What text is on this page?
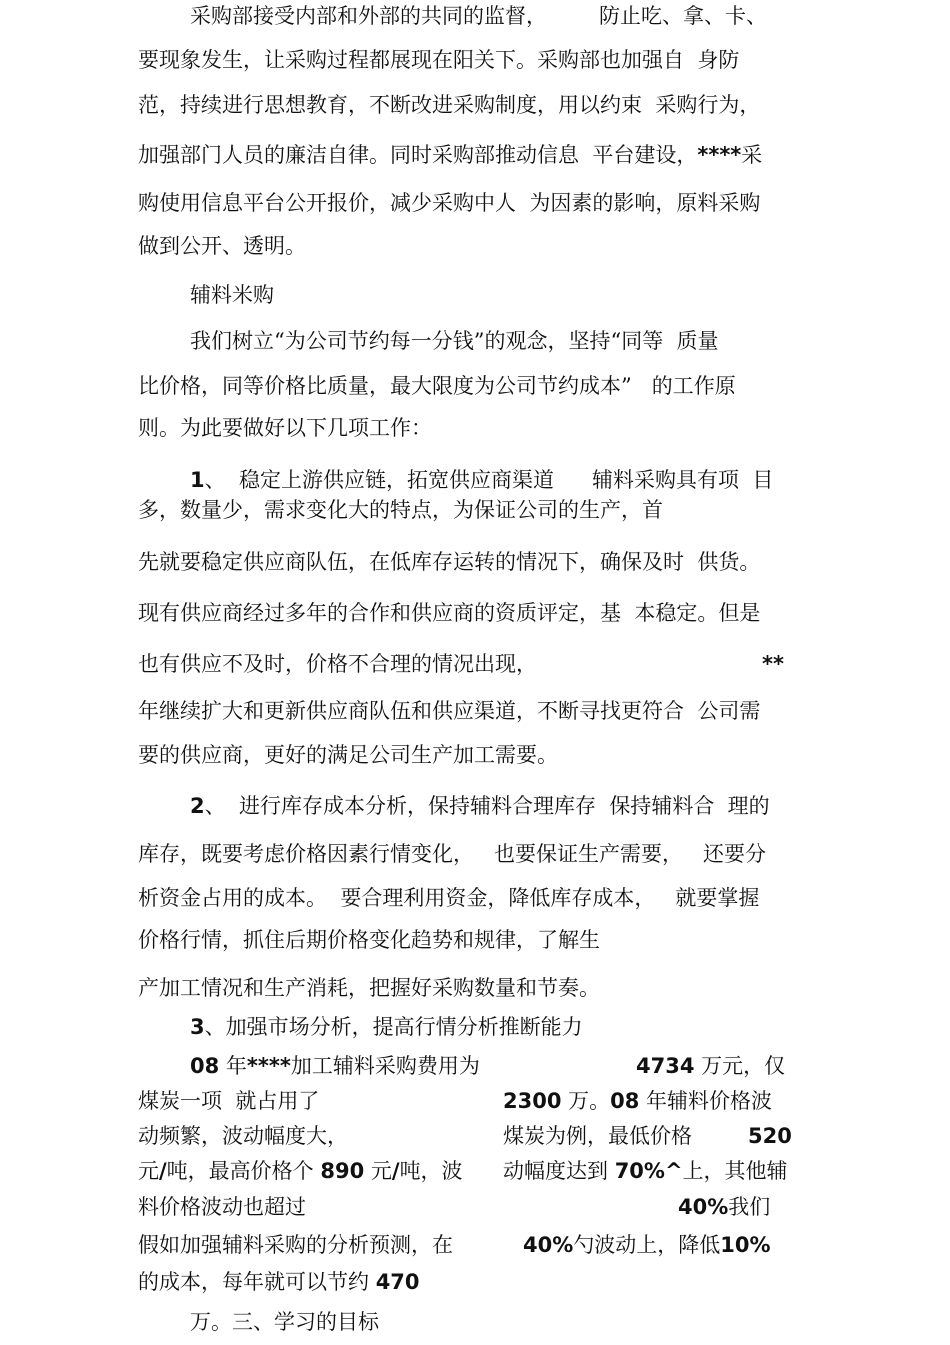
采购部接受内部和外部的共同的监督， 防止吃、拿、卡、
要现象发生，让采购过程都展现在阳关下。采购部也加强自  身防
范，持续进行思想教育，不断改进采购制度，用以约束  采购行为，
加强部门人员的廉洁自律。同时采购部推动信息  平台建设，****采
购使用信息平台公开报价，减少采购中人  为因素的影响，原料采购
做到公开、透明。
辅料米购
我们树立“为公司节约每一分钱”的观念，坚持“同等  质量
比价格，同等价格比质量，最大限度为公司节约成本”   的工作原
则。为此要做好以下几项工作：
1、  稳定上游供应链，拓宽供应商渠道 辅料采购具有项  目
多，数量少，需求变化大的特点，为保证公司的生产，首
先就要稳定供应商队伍，在低库存运转的情况下，确保及时  供货。
现有供应商经过多年的合作和供应商的资质评定，基  本稳定。但是
也有供应不及时，价格不合理的情况出现，	**
年继续扩大和更新供应商队伍和供应渠道，不断寻找更符合  公司需
要的供应商，更好的满足公司生产加工需要。
2、  进行库存成本分析，保持辅料合理库存  保持辅料合  理的
库存，既要考虑价格因素行情变化，   也要保证生产需要，   还要分
析资金占用的成本。  要合理利用资金，降低库存成本，   就要掌握
价格行情，抓住后期价格变化趋势和规律，了解生
产加工情况和生产消耗，把握好采购数量和节奏。
3、加强市场分析，提高行情分析推断能力
08 年****加工辅料采购费用为	4734 万元，仅
煤炭一项  就占用了	2300 万。08 年辅料价格波
动频繁，波动幅度大，	煤炭为例，最低价格	520
元/吨，最高价格个 890 元/吨，波 动幅度达到 70%^上，其他辅
料价格波动也超过	40%我们
假如加强辅料采购的分析预测，在	40%勺波动上，降低10%
的成本，每年就可以节约 470
万。三、学习的目标
